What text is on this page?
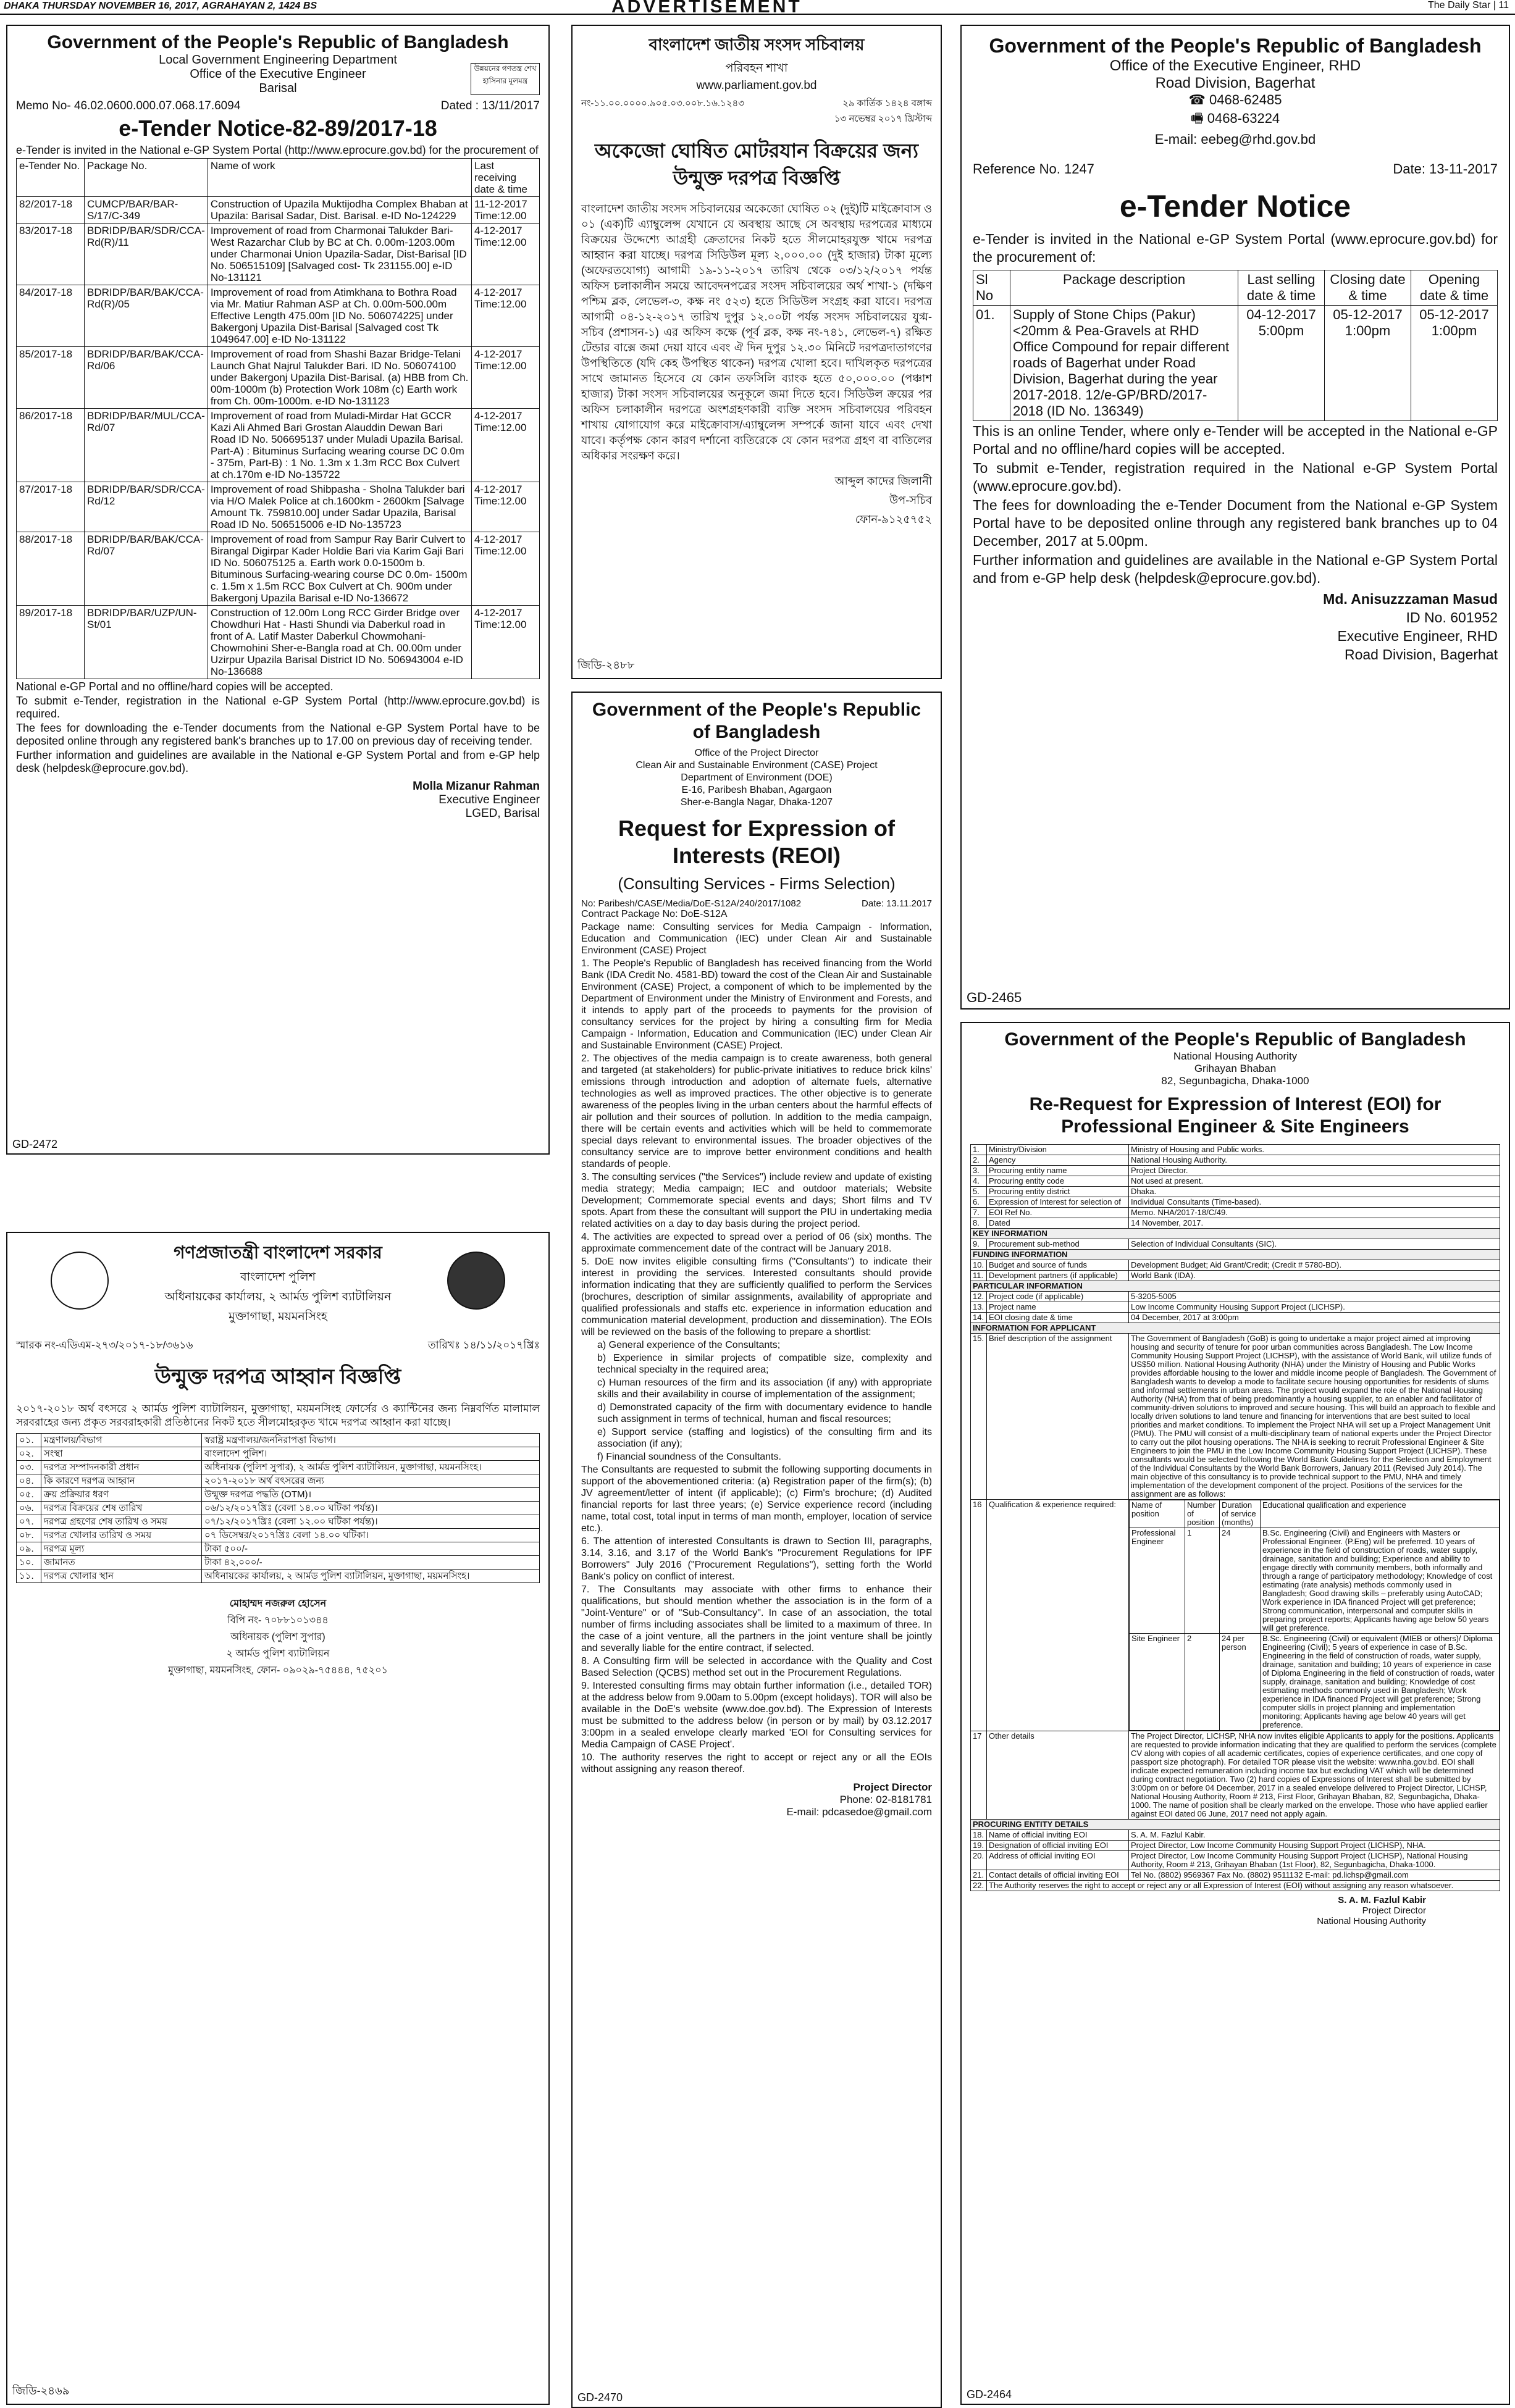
DHAKA THURSDAY NOVEMBER 16, 2017, AGRAHAYAN 2, 1424 BS	ADVERTISEMENT	The Daily Star | 11
Government of the People's Republic of Bangladesh
Local Government Engineering Department
Office of the Executive Engineer
Barisal
উন্নয়নের গণতন্ত্র শেখ হাসিনার মূলমন্ত্র
Memo No- 46.02.0600.000.07.068.17.6094	Dated : 13/11/2017
e-Tender Notice-82-89/2017-18
e-Tender is invited in the National e-GP System Portal (http://www.eprocure.gov.bd) for the procurement of
e-Tender No.	Package No.	Name of work	Last receiving date & time
82/2017-18	CUMCP/BAR/BAR-S/17/C-349	Construction of Upazila Muktijodha Complex Bhaban at Upazila: Barisal Sadar, Dist. Barisal. e-ID No-124229	11-12-2017 Time:12.00
83/2017-18	BDRIDP/BAR/SDR/CCA-Rd(R)/11	Improvement of road from Charmonai Talukder Bari-West Razarchar Club by BC at Ch. 0.00m-1203.00m under Charmonai Union Upazila-Sadar, Dist-Barisal [ID No. 506515109] [Salvaged cost- Tk 231155.00] e-ID No-131121	4-12-2017 Time:12.00
84/2017-18	BDRIDP/BAR/BAK/CCA-Rd(R)/05	Improvement of road from Atimkhana to Bothra Road via Mr. Matiur Rahman ASP at Ch. 0.00m-500.00m Effective Length 475.00m [ID No. 506074225] under Bakergonj Upazila Dist-Barisal [Salvaged cost Tk 1049647.00] e-ID No-131122	4-12-2017 Time:12.00
85/2017-18	BDRIDP/BAR/BAK/CCA-Rd/06	Improvement of road from Shashi Bazar Bridge-Telani Launch Ghat Najrul Talukder Bari. ID No. 506074100 under Bakergonj Upazila Dist-Barisal. (a) HBB from Ch. 00m-1000m (b) Protection Work 108m (c) Earth work from Ch. 00m-1000m. e-ID No-131123	4-12-2017 Time:12.00
86/2017-18	BDRIDP/BAR/MUL/CCA-Rd/07	Improvement of road from Muladi-Mirdar Hat GCCR Kazi Ali Ahmed Bari Grostan Alauddin Dewan Bari Road ID No. 506695137 under Muladi Upazila Barisal. Part-A) : Bituminus Surfacing wearing course DC 0.0m - 375m, Part-B) : 1 No. 1.3m x 1.3m RCC Box Culvert at ch.170m e-ID No-135722	4-12-2017 Time:12.00
87/2017-18	BDRIDP/BAR/SDR/CCA-Rd/12	Improvement of road Shibpasha - Sholna Talukder bari via H/O Malek Police at ch.1600km - 2600km [Salvage Amount Tk. 759810.00] under Sadar Upazila, Barisal Road ID No. 506515006 e-ID No-135723	4-12-2017 Time:12.00
88/2017-18	BDRIDP/BAR/BAK/CCA- Rd/07	Improvement of road from Sampur Ray Barir Culvert to Birangal Digirpar Kader Holdie Bari via Karim Gaji Bari ID No. 506075125 a. Earth work 0.0-1500m b. Bituminous Surfacing-wearing course DC 0.0m- 1500m c. 1.5m x 1.5m RCC Box Culvert at Ch. 900m under Bakergonj Upazila Barisal e-ID No-136672	4-12-2017 Time:12.00
89/2017-18	BDRIDP/BAR/UZP/UN-St/01	Construction of 12.00m Long RCC Girder Bridge over Chowdhuri Hat - Hasti Shundi via Daberkul road in front of A. Latif Master Daberkul Chowmohani-Chowmohini Sher-e-Bangla road at Ch. 00.00m under Uzirpur Upazila Barisal District ID No. 506943004 e-ID No-136688	4-12-2017 Time:12.00
National e-GP Portal and no offline/hard copies will be accepted.
To submit e-Tender, registration in the National e-GP System Portal (http://www.eprocure.gov.bd) is required.
The fees for downloading the e-Tender documents from the National e-GP System Portal have to be deposited online through any registered bank's branches up to 17.00 on previous day of receiving tender.
Further information and guidelines are available in the National e-GP System Portal and from e-GP help desk (helpdesk@eprocure.gov.bd).
Molla Mizanur Rahman
Executive Engineer
LGED, Barisal
GD-2472
বাংলাদেশ জাতীয় সংসদ সচিবালয়
পরিবহন শাখা
www.parliament.gov.bd
নং-১১.০০.০০০০.৯০৫.০৩.০০৮.১৬.১২৪৩	২৯ কার্তিক ১৪২৪ বঙ্গাব্দ
১৩ নভেম্বর ২০১৭ খ্রিস্টাব্দ
অকেজো ঘোষিত মোটরযান বিক্রয়ের জন্য উন্মুক্ত দরপত্র বিজ্ঞপ্তি
বাংলাদেশ জাতীয় সংসদ সচিবালয়ের অকেজো ঘোষিত ০২ (দুই)টি মাইক্রোবাস ও ০১ (এক)টি এ্যাম্বুলেন্স যেখানে যে অবস্থায় আছে সে অবস্থায় দরপত্রের মাধ্যমে বিক্রয়ের উদ্দেশ্যে আগ্রহী ক্রেতাদের নিকট হতে সীলমোহরযুক্ত খামে দরপত্র আহ্বান করা যাচ্ছে। দরপত্র সিডিউল মূল্য ২,০০০.০০ (দুই হাজার) টাকা মূল্যে (অফেরতযোগ্য) আগামী ১৯-১১-২০১৭ তারিখ থেকে ০৩/১২/২০১৭ পর্যন্ত অফিস চলাকালীন সময়ে আবেদনপত্রের সংসদ সচিবালয়ের অর্থ শাখা-১ (দক্ষিণ পশ্চিম ব্লক, লেভেল-৩, কক্ষ নং ৫২৩) হতে সিডিউল সংগ্রহ করা যাবে। দরপত্র আগামী ০৪-১২-২০১৭ তারিখ দুপুর ১২.০০টা পর্যন্ত সংসদ সচিবালয়ের যুগ্ম-সচিব (প্রশাসন-১) এর অফিস কক্ষে (পূর্ব ব্লক, কক্ষ নং-৭৪১, লেভেল-৭) রক্ষিত টেন্ডার বাক্সে জমা দেয়া যাবে এবং ঐ দিন দুপুর ১২.৩০ মিনিটে দরপত্রদাতাগণের উপস্থিতিতে (যদি কেহ উপস্থিত থাকেন) দরপত্র খোলা হবে। দাখিলকৃত দরপত্রের সাথে জামানত হিসেবে যে কোন তফসিলি ব্যাংক হতে ৫০,০০০.০০ (পঞ্চাশ হাজার) টাকা সংসদ সচিবালয়ের অনুকূলে জমা দিতে হবে। সিডিউল ক্রয়ের পর অফিস চলাকালীন দরপত্রে অংশগ্রহণকারী ব্যক্তি সংসদ সচিবালয়ের পরিবহন শাখায় যোগাযোগ করে মাইক্রোবাস/এ্যাম্বুলেন্স সম্পর্কে জানা যাবে এবং দেখা যাবে। কর্তৃপক্ষ কোন কারণ দর্শানো ব্যতিরেকে যে কোন দরপত্র গ্রহণ বা বাতিলের অধিকার সংরক্ষণ করে।
আব্দুল কাদের জিলানী
উপ-সচিব
ফোন-৯১২৫৭৫২
জিডি-২৪৮৮
Government of the People's Republic of Bangladesh
Office of the Project Director
Clean Air and Sustainable Environment (CASE) Project
Department of Environment (DOE)
E-16, Paribesh Bhaban, Agargaon
Sher-e-Bangla Nagar, Dhaka-1207
Request for Expression of Interests (REOI)
(Consulting Services - Firms Selection)
No: Paribesh/CASE/Media/DoE-S12A/240/2017/1082	Date: 13.11.2017
Contract Package No: DoE-S12A
Package name: Consulting services for Media Campaign - Information, Education and Communication (IEC) under Clean Air and Sustainable Environment (CASE) Project
1. The People's Republic of Bangladesh has received financing from the World Bank (IDA Credit No. 4581-BD) toward the cost of the Clean Air and Sustainable Environment (CASE) Project, a component of which to be implemented by the Department of Environment under the Ministry of Environment and Forests, and it intends to apply part of the proceeds to payments for the provision of consultancy services for the project by hiring a consulting firm for Media Campaign - Information, Education and Communication (IEC) under Clean Air and Sustainable Environment (CASE) Project.
2. The objectives of the media campaign is to create awareness, both general and targeted (at stakeholders) for public-private initiatives to reduce brick kilns' emissions through introduction and adoption of alternate fuels, alternative technologies as well as improved practices. The other objective is to generate awareness of the peoples living in the urban centers about the harmful effects of air pollution and their sources of pollution. In addition to the media campaign, there will be certain events and activities which will be held to commemorate special days relevant to environmental issues. The broader objectives of the consultancy service are to improve better environment conditions and health standards of people.
3. The consulting services ("the Services") include review and update of existing media strategy; Media campaign; IEC and outdoor materials; Website Development; Commemorate special events and days; Short films and TV spots. Apart from these the consultant will support the PIU in undertaking media related activities on a day to day basis during the project period.
4. The activities are expected to spread over a period of 06 (six) months. The approximate commencement date of the contract will be January 2018.
5. DoE now invites eligible consulting firms ("Consultants") to indicate their interest in providing the services. Interested consultants should provide information indicating that they are sufficiently qualified to perform the Services (brochures, description of similar assignments, availability of appropriate and qualified professionals and staffs etc. experience in information education and communication material development, production and dissemination). The EOIs will be reviewed on the basis of the following to prepare a shortlist:
a) General experience of the Consultants;
b) Experience in similar projects of compatible size, complexity and technical specialty in the required area;
c) Human resources of the firm and its association (if any) with appropriate skills and their availability in course of implementation of the assignment;
d) Demonstrated capacity of the firm with documentary evidence to handle such assignment in terms of technical, human and fiscal resources;
e) Support service (staffing and logistics) of the consulting firm and its association (if any);
f) Financial soundness of the Consultants.
The Consultants are requested to submit the following supporting documents in support of the abovementioned criteria: (a) Registration paper of the firm(s); (b) JV agreement/letter of intent (if applicable); (c) Firm's brochure; (d) Audited financial reports for last three years; (e) Service experience record (including name, total cost, total input in terms of man month, employer, location of service etc.).
6. The attention of interested Consultants is drawn to Section III, paragraphs, 3.14, 3.16, and 3.17 of the World Bank's "Procurement Regulations for IPF Borrowers" July 2016 ("Procurement Regulations"), setting forth the World Bank's policy on conflict of interest.
7. The Consultants may associate with other firms to enhance their qualifications, but should mention whether the association is in the form of a "Joint-Venture" or of "Sub-Consultancy". In case of an association, the total number of firms including associates shall be limited to a maximum of three. In the case of a joint venture, all the partners in the joint venture shall be jointly and severally liable for the entire contract, if selected.
8. A Consulting firm will be selected in accordance with the Quality and Cost Based Selection (QCBS) method set out in the Procurement Regulations.
9. Interested consulting firms may obtain further information (i.e., detailed TOR) at the address below from 9.00am to 5.00pm (except holidays). TOR will also be available in the DoE's website (www.doe.gov.bd). The Expression of Interests must be submitted to the address below (in person or by mail) by 03.12.2017 3:00pm in a sealed envelope clearly marked 'EOI for Consulting services for Media Campaign of CASE Project'.
10. The authority reserves the right to accept or reject any or all the EOIs without assigning any reason thereof.
Project Director
Phone: 02-8181781
E-mail: pdcasedoe@gmail.com
GD-2470
Government of the People's Republic of Bangladesh
Office of the Executive Engineer, RHD
Road Division, Bagerhat
☎ 0468-62485
🖷 0468-63224
E-mail: eebeg@rhd.gov.bd
Reference No. 1247	Date: 13-11-2017
e-Tender Notice
e-Tender is invited in the National e-GP System Portal (www.eprocure.gov.bd) for the procurement of:
Sl No	Package description	Last selling date & time	Closing date & time	Opening date & time
01.	Supply of Stone Chips (Pakur)<20mm & Pea-Gravels at RHD Office Compound for repair different roads of Bagerhat under Road Division, Bagerhat during the year 2017-2018. 12/e-GP/BRD/2017-2018 (ID No. 136349)	04-12-2017 5:00pm	05-12-2017 1:00pm	05-12-2017 1:00pm
This is an online Tender, where only e-Tender will be accepted in the National e-GP Portal and no offline/hard copies will be accepted.
To submit e-Tender, registration required in the National e-GP System Portal (www.eprocure.gov.bd).
The fees for downloading the e-Tender Document from the National e-GP System Portal have to be deposited online through any registered bank branches up to 04 December, 2017 at 5.00pm.
Further information and guidelines are available in the National e-GP System Portal and from e-GP help desk (helpdesk@eprocure.gov.bd).
Md. Anisuzzzaman Masud
ID No. 601952
Executive Engineer, RHD
Road Division, Bagerhat
GD-2465
গণপ্রজাতন্ত্রী বাংলাদেশ সরকার
বাংলাদেশ পুলিশ
অধিনায়কের কার্যালয়, ২ আর্মড পুলিশ ব্যাটালিয়ন
মুক্তাগাছা, ময়মনসিংহ
স্মারক নং-এডিএম-২৭৩/২০১৭-১৮/৩৬১৬	তারিখঃ ১৪/১১/২০১৭খ্রিঃ
উন্মুক্ত দরপত্র আহ্বান বিজ্ঞপ্তি
২০১৭-২০১৮ অর্থ বৎসরে ২ আর্মড পুলিশ ব্যাটালিয়ন, মুক্তাগাছা, ময়মনসিংহ ফোর্সের ও ক্যান্টিনের জন্য নিম্নবর্ণিত মালামাল সরবরাহের জন্য প্রকৃত সরবরাহকারী প্রতিষ্ঠানের নিকট হতে সীলমোহরকৃত খামে দরপত্র আহ্বান করা যাচ্ছে।
০১.	মন্ত্রণালয়/বিভাগ	স্বরাষ্ট্র মন্ত্রণালয়/জননিরাপত্তা বিভাগ।
০২.	সংস্থা	বাংলাদেশ পুলিশ।
০৩.	দরপত্র সম্পাদনকারী প্রধান	অধিনায়ক (পুলিশ সুপার), ২ আর্মড পুলিশ ব্যাটালিয়ন, মুক্তাগাছা, ময়মনসিংহ।
০৪.	কি কারণে দরপত্র আহ্বান	২০১৭-২০১৮ অর্থ বৎসরের জন্য
০৫.	ক্রয় প্রক্রিয়ার ধরণ	উন্মুক্ত দরপত্র পদ্ধতি (OTM)।
০৬.	দরপত্র বিক্রয়ের শেষ তারিখ	০৬/১২/২০১৭খ্রিঃ (বেলা ১৪.০০ ঘটিকা পর্যন্ত)।
০৭.	দরপত্র গ্রহণের শেষ তারিখ ও সময়	০৭/১২/২০১৭খ্রিঃ (বেলা ১২.০০ ঘটিকা পর্যন্ত)।
০৮.	দরপত্র খোলার তারিখ ও সময়	০৭ ডিসেম্বর/২০১৭খ্রিঃ বেলা ১৪.০০ ঘটিকা।
০৯.	দরপত্র মূল্য	টাকা ৫০০/-
১০.	জামানত	টাকা ৪২,০০০/-
১১.	দরপত্র খোলার স্থান	অধিনায়কের কার্যালয়, ২ আর্মড পুলিশ ব্যাটালিয়ন, মুক্তাগাছা, ময়মনসিংহ।
মোহাম্মদ নজরুল হোসেন
বিপি নং- ৭০৮৮১০১৩৪৪
অধিনায়ক (পুলিশ সুপার)
২ আর্মড পুলিশ ব্যাটালিয়ন
মুক্তাগাছা, ময়মনসিংহ, ফোন- ০৯০২৯-৭৫৪৪৪, ৭৫২০১
জিডি-২৪৬৯
Government of the People's Republic of Bangladesh
National Housing Authority
Grihayan Bhaban
82, Segunbagicha, Dhaka-1000
Re-Request for Expression of Interest (EOI) for Professional Engineer & Site Engineers
1.	Ministry/Division	Ministry of Housing and Public works.
2.	Agency	National Housing Authority.
3.	Procuring entity name	Project Director.
4.	Procuring entity code	Not used at present.
5.	Procuring entity district	Dhaka.
6.	Expression of Interest for selection of	Individual Consultants (Time-based).
7.	EOI Ref No.	Memo. NHA/2017-18/C/49.
8.	Dated	14 November, 2017.
KEY INFORMATION
9.	Procurement sub-method	Selection of Individual Consultants (SIC).
FUNDING INFORMATION
10.	Budget and source of funds	Development Budget; Aid Grant/Credit; (Credit # 5780-BD).
11.	Development partners (if applicable)	World Bank (IDA).
PARTICULAR INFORMATION
12.	Project code (if applicable)	5-3205-5005
13.	Project name	Low Income Community Housing Support Project (LICHSP).
14.	EOI closing date & time	04 December, 2017 at 3:00pm
INFORMATION FOR APPLICANT
15.	Brief description of the assignment	The Government of Bangladesh (GoB) is going to undertake a major project aimed at improving housing and security of tenure for poor urban communities across Bangladesh. The Low Income Community Housing Support Project (LICHSP), with the assistance of World Bank, will utilize funds of US$50 million. National Housing Authority (NHA) under the Ministry of Housing and Public Works provides affordable housing to the lower and middle income people of Bangladesh. The Government of Bangladesh wants to develop a mode to facilitate secure housing opportunities for residents of slums and informal settlements in urban areas. The project would expand the role of the National Housing Authority (NHA) from that of being predominantly a housing supplier, to an enabler and facilitator of community-driven solutions to improved and secure housing. This will build an approach to flexible and locally driven solutions to land tenure and financing for interventions that are best suited to local priorities and market conditions. To implement the Project NHA will set up a Project Management Unit (PMU). The PMU will consist of a multi-disciplinary team of national experts under the Project Director to carry out the pilot housing operations. The NHA is seeking to recruit Professional Engineer & Site Engineers to join the PMU in the Low Income Community Housing Support Project (LICHSP). These consultants would be selected following the World Bank Guidelines for the Selection and Employment of the Individual Consultants by the World Bank Borrowers, January 2011 (Revised July 2014). The main objective of this consultancy is to provide technical support to the PMU, NHA and timely implementation of the development component of the project. Positions of the services for the assignment are as follows:
16	Qualification & experience required:	Name of position	Number of position	Duration of service (months)	Educational qualification and experience
Professional Engineer	1	24	B.Sc. Engineering (Civil) and Engineers with Masters or Professional Engineer. (P.Eng) will be preferred. 10 years of experience in the field of construction of roads, water supply, drainage, sanitation and building; Experience and ability to engage directly with community members, both informally and through a range of participatory methodology; Knowledge of cost estimating (rate analysis) methods commonly used in Bangladesh; Good drawing skills – preferably using AutoCAD; Work experience in IDA financed Project will get preference; Strong communication, interpersonal and computer skills in preparing project reports; Applicants having age below 50 years will get preference.
Site Engineer	2	24 per person	B.Sc. Engineering (Civil) or equivalent (MIEB or others)/ Diploma Engineering (Civil); 5 years of experience in case of B.Sc. Engineering in the field of construction of roads, water supply, drainage, sanitation and building; 10 years of experience in case of Diploma Engineering in the field of construction of roads, water supply, drainage, sanitation and building; Knowledge of cost estimating methods commonly used in Bangladesh; Work experience in IDA financed Project will get preference; Strong computer skills in project planning and implementation monitoring; Applicants having age below 40 years will get preference.

17	Other details	The Project Director, LICHSP, NHA now invites eligible Applicants to apply for the positions. Applicants are requested to provide information indicating that they are qualified to perform the services (complete CV along with copies of all academic certificates, copies of experience certificates, and one copy of passport size photograph). For detailed TOR please visit the website: www.nha.gov.bd. EOI shall indicate expected remuneration including income tax but excluding VAT which will be determined during contract negotiation. Two (2) hard copies of Expressions of Interest shall be submitted by 3:00pm on or before 04 December, 2017 in a sealed envelope delivered to Project Director, LICHSP, National Housing Authority, Room # 213, First Floor, Grihayan Bhaban, 82, Segunbagicha, Dhaka-1000. The name of position shall be clearly marked on the envelope. Those who have applied earlier against EOI dated 06 June, 2017 need not apply again.
PROCURING ENTITY DETAILS
18.	Name of official inviting EOI	S. A. M. Fazlul Kabir.
19.	Designation of official inviting EOI	Project Director, Low Income Community Housing Support Project (LICHSP), NHA.
20.	Address of official inviting EOI	Project Director, Low Income Community Housing Support Project (LICHSP), National Housing Authority, Room # 213, Grihayan Bhaban (1st Floor), 82, Segunbagicha, Dhaka-1000.
21.	Contact details of official inviting EOI	Tel No. (8802) 9569367 Fax No. (8802) 9511132 E-mail: pd.lichsp@gmail.com
22.	The Authority reserves the right to accept or reject any or all Expression of Interest (EOI) without assigning any reason whatsoever.
S. A. M. Fazlul Kabir
Project Director
National Housing Authority
GD-2464
